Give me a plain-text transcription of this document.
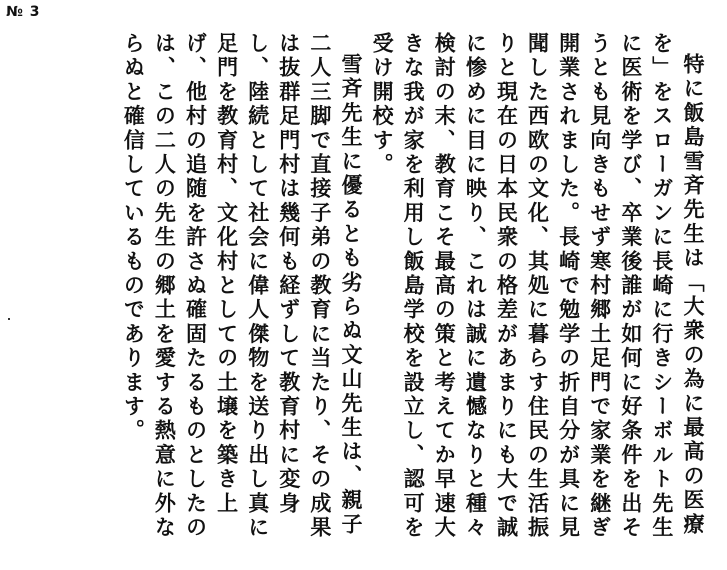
№ 3

特に飯島雪斉先生は「大衆の為に最高の医療を」をスローガンに長崎に行きシーボルト先生に医術を学び、卒業後誰が如何に好条件を出そうとも見向きもせず寒村郷土足門で家業を継ぎ開業されました。長崎で勉学の折自分が具に見聞した西欧の文化、其処に暮らす住民の生活振りと現在の日本民衆の格差があまりにも大で誠に惨めに目に映り、これは誠に遺憾なりと種々検討の末、教育こそ最高の策と考えてか早速大きな我が家を利用し飯島学校を設立し、認可を受け開校す。

雪斉先生に優るとも劣らぬ文山先生は、親子二人三脚で直接子弟の教育に当たり、その成果は抜群足門村は幾何も経ずして教育村に変身し、陸続として社会に偉人傑物を送り出し真に足門を教育村、文化村としての土壌を築き上げ、他村の追随を許さぬ確固たるものとしたのは、この二人の先生の郷土を愛する熱意に外ならぬと確信しているものであります。
